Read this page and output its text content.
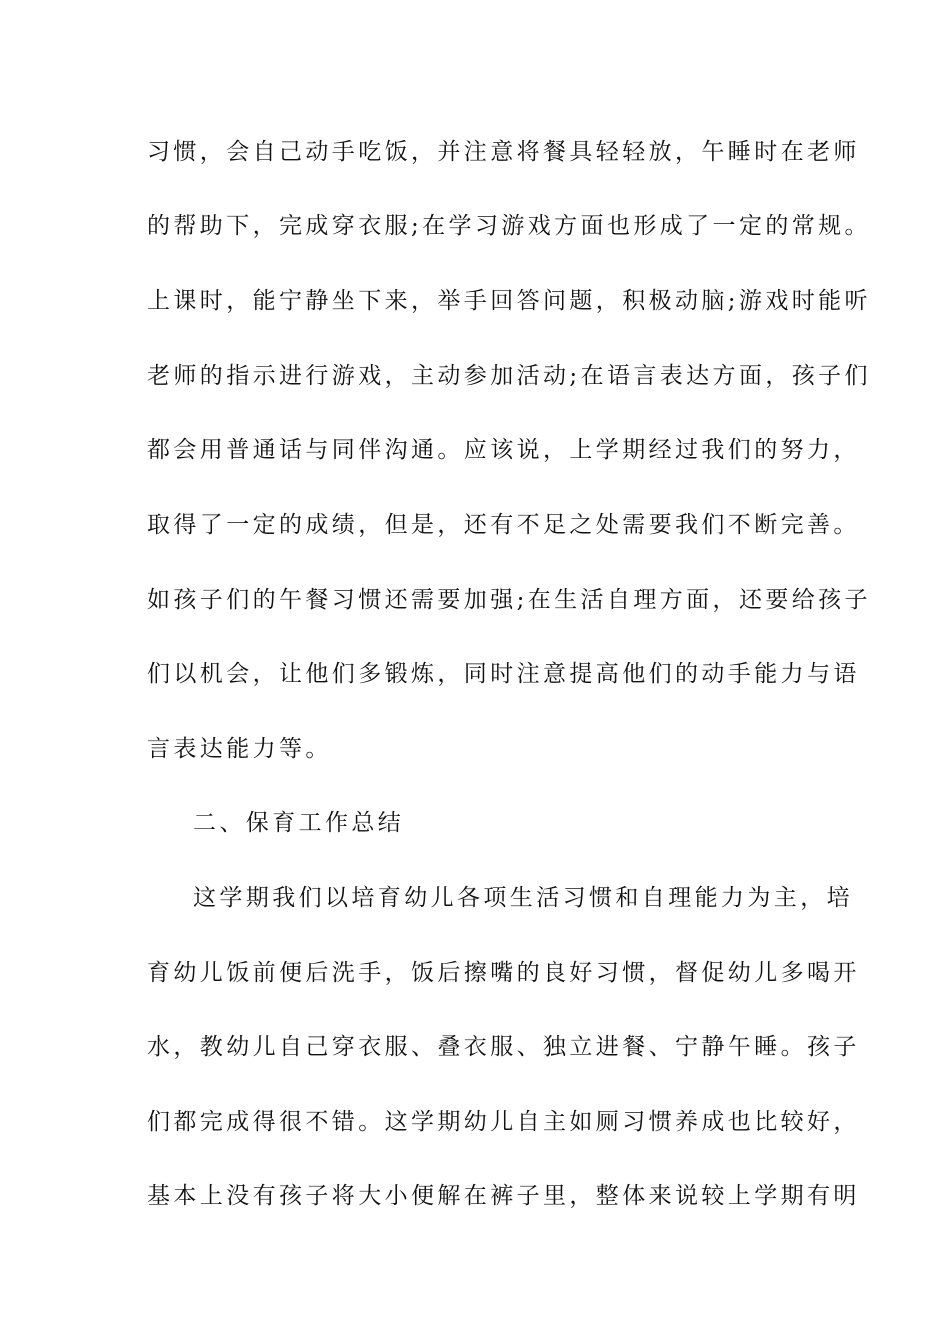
习惯，会自己动手吃饭，并注意将餐具轻轻放，午睡时在老师
的帮助下，完成穿衣服;在学习游戏方面也形成了一定的常规。
上课时，能宁静坐下来，举手回答问题，积极动脑;游戏时能听
老师的指示进行游戏，主动参加活动;在语言表达方面，孩子们
都会用普通话与同伴沟通。应该说，上学期经过我们的努力，
取得了一定的成绩，但是，还有不足之处需要我们不断完善。
如孩子们的午餐习惯还需要加强;在生活自理方面，还要给孩子
们以机会，让他们多锻炼，同时注意提高他们的动手能力与语
言表达能力等。
二、保育工作总结
这学期我们以培育幼儿各项生活习惯和自理能力为主，培
育幼儿饭前便后洗手，饭后擦嘴的良好习惯，督促幼儿多喝开
水，教幼儿自己穿衣服、叠衣服、独立进餐、宁静午睡。孩子
们都完成得很不错。这学期幼儿自主如厕习惯养成也比较好，
基本上没有孩子将大小便解在裤子里，整体来说较上学期有明
